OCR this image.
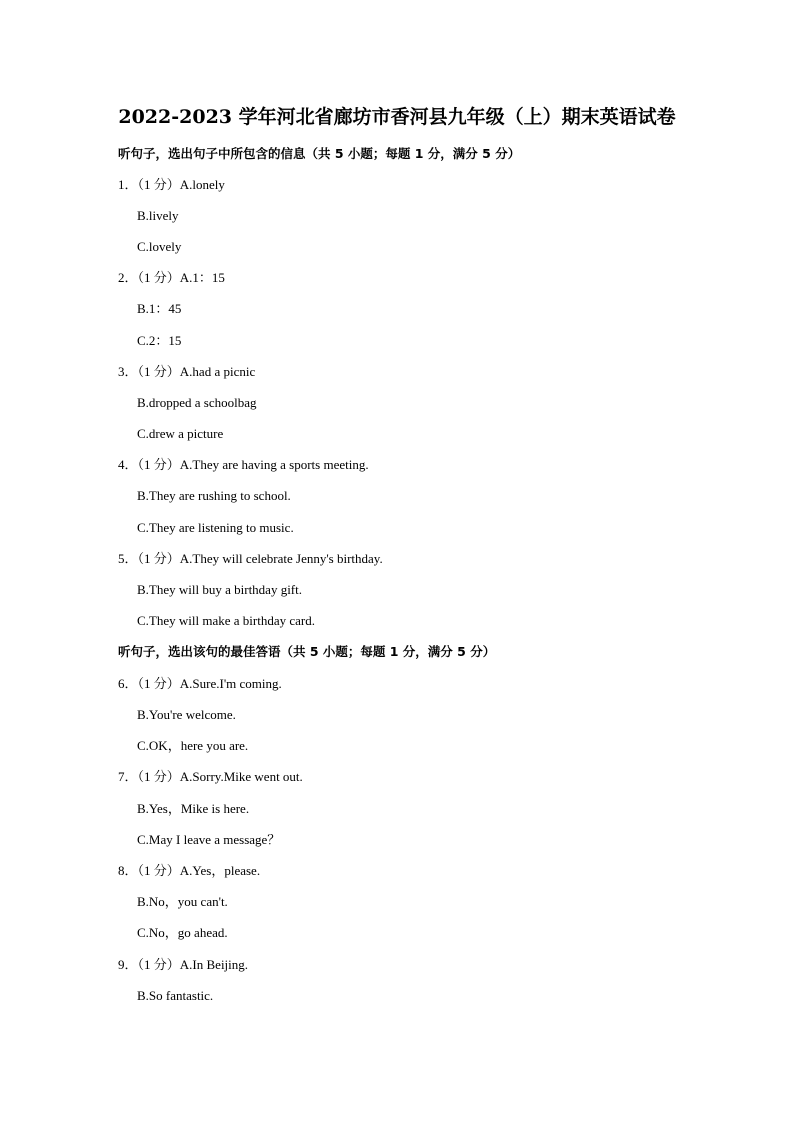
2022-2023 学年河北省廊坊市香河县九年级（上）期末英语试卷
听句子，选出句子中所包含的信息（共 5 小题；每题 1 分，满分 5 分）
1．（1 分）A.lonely
B.lively
C.lovely
2．（1 分）A.1：15
B.1：45
C.2：15
3．（1 分）A.had a picnic
B.dropped a schoolbag
C.drew a picture
4．（1 分）A.They are having a sports meeting.
B.They are rushing to school.
C.They are listening to music.
5．（1 分）A.They will celebrate Jenny's birthday.
B.They will buy a birthday gift.
C.They will make a birthday card.
听句子，选出该句的最佳答语（共 5 小题；每题 1 分，满分 5 分）
6．（1 分）A.Sure.I'm coming.
B.You're welcome.
C.OK，here you are.
7．（1 分）A.Sorry.Mike went out.
B.Yes，Mike is here.
C.May I leave a message？
8．（1 分）A.Yes，please.
B.No，you can't.
C.No，go ahead.
9．（1 分）A.In Beijing.
B.So fantastic.
